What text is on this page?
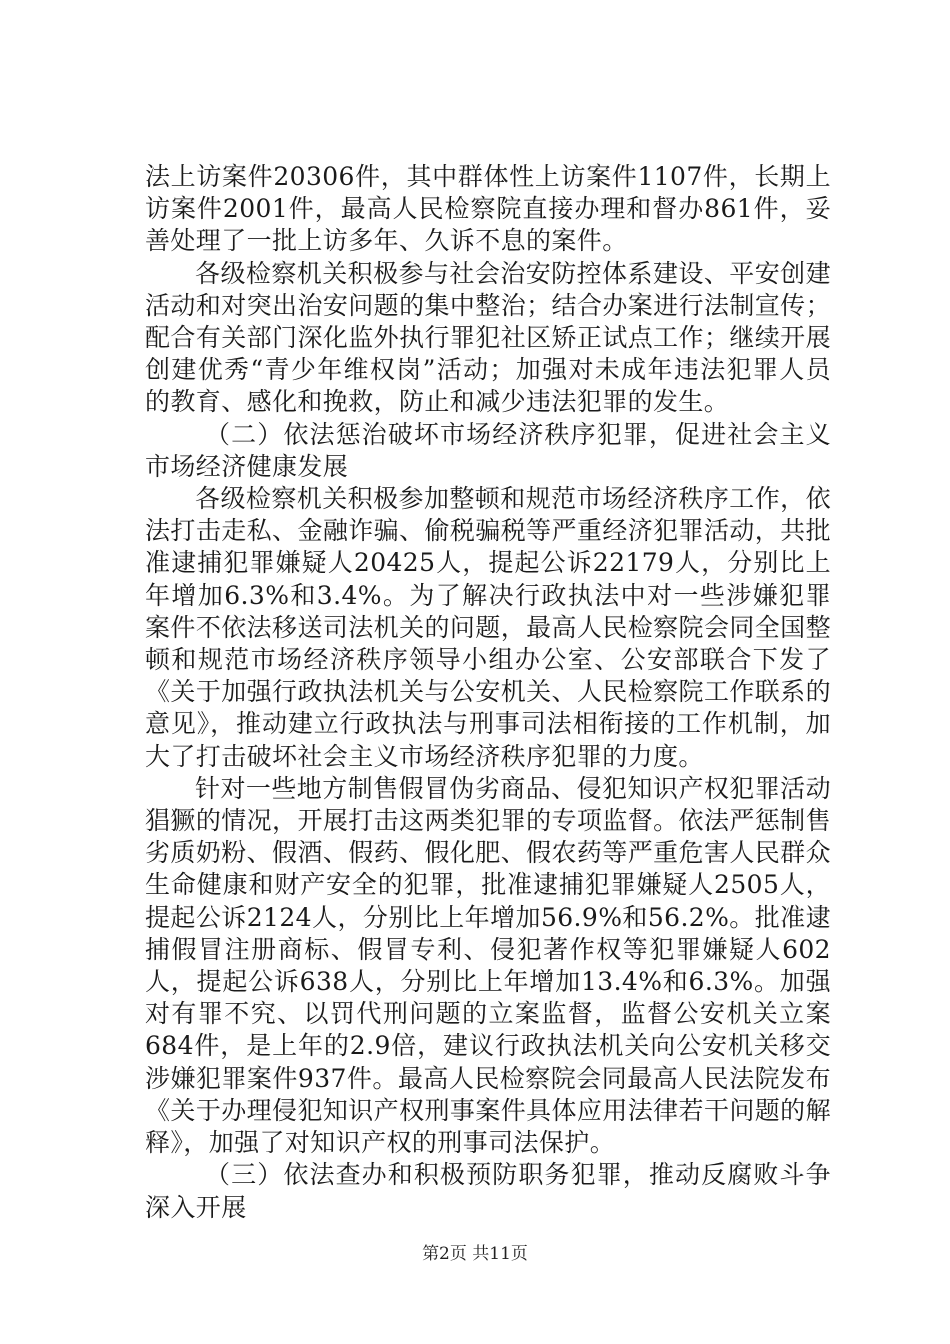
法上访案件20306件，其中群体性上访案件1107件，长期上访案件2001件，最高人民检察院直接办理和督办861件，妥善处理了一批上访多年、久诉不息的案件。

各级检察机关积极参与社会治安防控体系建设、平安创建活动和对突出治安问题的集中整治；结合办案进行法制宣传；配合有关部门深化监外执行罪犯社区矫正试点工作；继续开展创建优秀“青少年维权岗”活动；加强对未成年违法犯罪人员的教育、感化和挽救，防止和减少违法犯罪的发生。

（二）依法惩治破坏市场经济秩序犯罪，促进社会主义市场经济健康发展

各级检察机关积极参加整顿和规范市场经济秩序工作，依法打击走私、金融诈骗、偷税骗税等严重经济犯罪活动，共批准逮捕犯罪嫌疑人20425人，提起公诉22179人，分别比上年增加6.3%和3.4%。为了解决行政执法中对一些涉嫌犯罪案件不依法移送司法机关的问题，最高人民检察院会同全国整顿和规范市场经济秩序领导小组办公室、公安部联合下发了《关于加强行政执法机关与公安机关、人民检察院工作联系的意见》，推动建立行政执法与刑事司法相衔接的工作机制，加大了打击破坏社会主义市场经济秩序犯罪的力度。

针对一些地方制售假冒伪劣商品、侵犯知识产权犯罪活动猖獗的情况，开展打击这两类犯罪的专项监督。依法严惩制售劣质奶粉、假酒、假药、假化肥、假农药等严重危害人民群众生命健康和财产安全的犯罪，批准逮捕犯罪嫌疑人2505人，提起公诉2124人，分别比上年增加56.9%和56.2%。批准逮捕假冒注册商标、假冒专利、侵犯著作权等犯罪嫌疑人602人，提起公诉638人，分别比上年增加13.4%和6.3%。加强对有罪不究、以罚代刑问题的立案监督，监督公安机关立案684件，是上年的2.9倍，建议行政执法机关向公安机关移交涉嫌犯罪案件937件。最高人民检察院会同最高人民法院发布《关于办理侵犯知识产权刑事案件具体应用法律若干问题的解释》，加强了对知识产权的刑事司法保护。

（三）依法查办和积极预防职务犯罪，推动反腐败斗争深入开展

第2页 共11页
